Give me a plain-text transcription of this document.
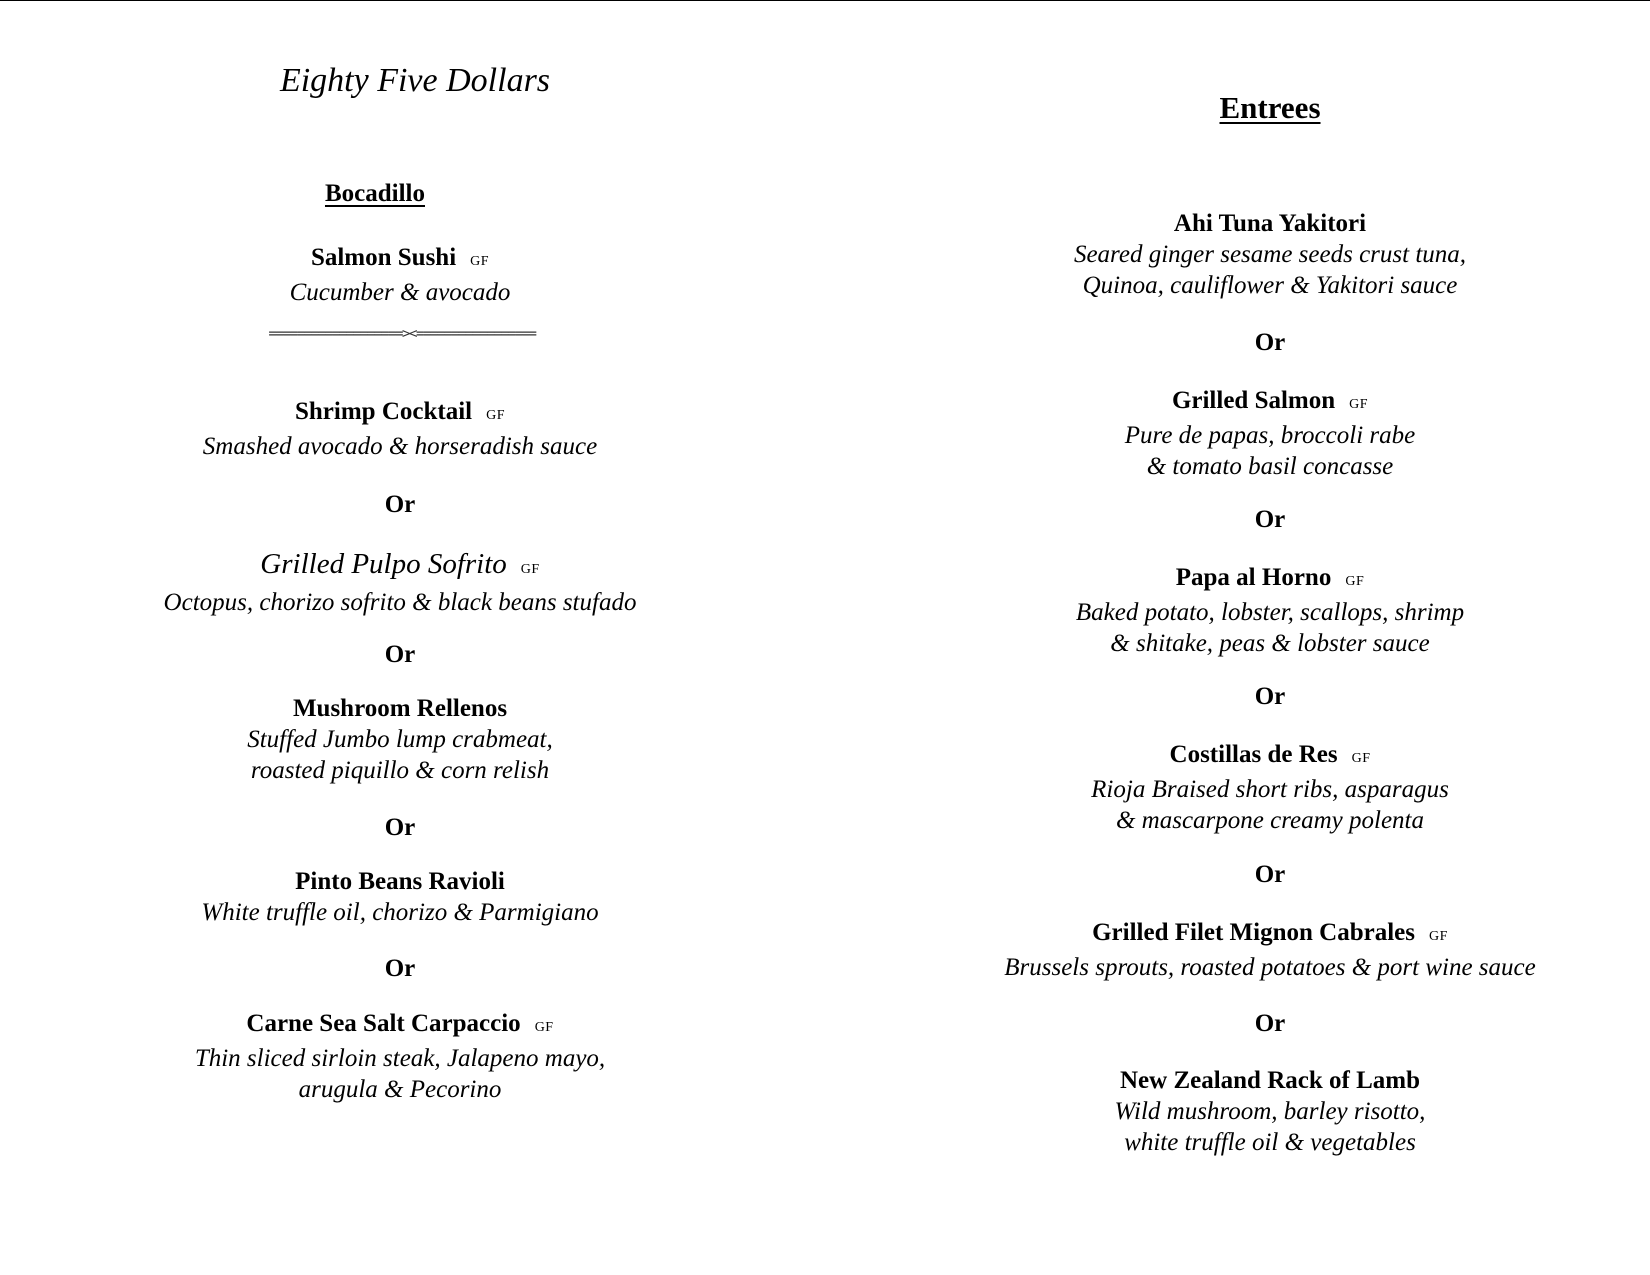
Eighty Five Dollars
Bocadillo
Salmon Sushi GF
Cucumber & avocado
===================><=================
Shrimp Cocktail GF
Smashed avocado & horseradish sauce
Or
Grilled Pulpo Sofrito GF
Octopus, chorizo sofrito & black beans stufado
Or
Mushroom Rellenos
Stuffed Jumbo lump crabmeat,
roasted piquillo & corn relish
Or
Pinto Beans Ravioli
White truffle oil, chorizo & Parmigiano
Or
Carne Sea Salt Carpaccio GF
Thin sliced sirloin steak, Jalapeno mayo,
arugula & Pecorino
Entrees
Ahi Tuna Yakitori
Seared ginger sesame seeds crust tuna,
Quinoa, cauliflower & Yakitori sauce
Or
Grilled Salmon GF
Pure de papas, broccoli rabe
& tomato basil concasse
Or
Papa al Horno GF
Baked potato, lobster, scallops, shrimp
& shitake, peas & lobster sauce
Or
Costillas de Res GF
Rioja Braised short ribs, asparagus
& mascarpone creamy polenta
Or
Grilled Filet Mignon Cabrales GF
Brussels sprouts, roasted potatoes & port wine sauce
Or
New Zealand Rack of Lamb
Wild mushroom, barley risotto,
white truffle oil & vegetables
